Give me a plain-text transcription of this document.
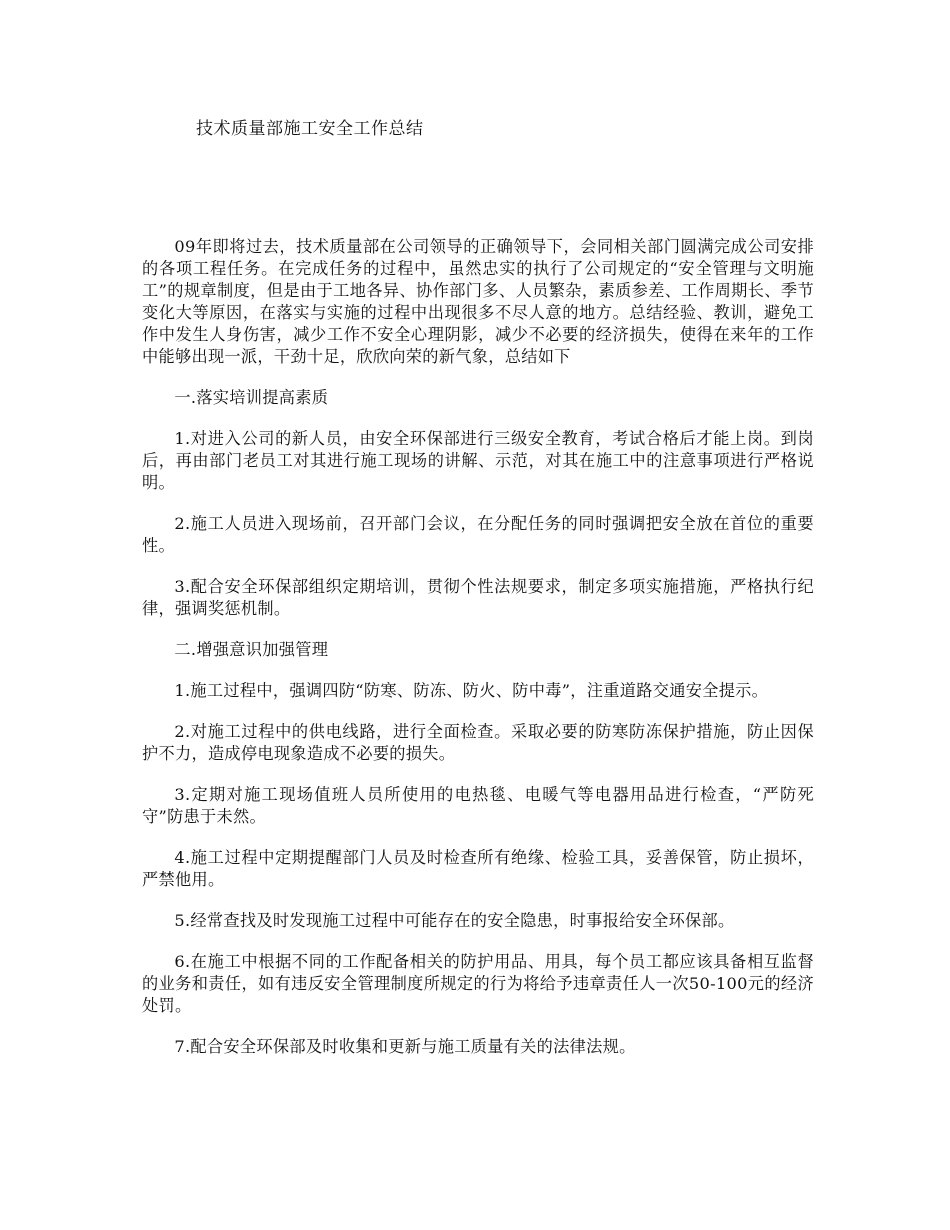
技术质量部施工安全工作总结

09年即将过去，技术质量部在公司领导的正确领导下，会同相关部门圆满完成公司安排的各项工程任务。在完成任务的过程中，虽然忠实的执行了公司规定的“安全管理与文明施工”的规章制度，但是由于工地各异、协作部门多、人员繁杂，素质参差、工作周期长、季节变化大等原因，在落实与实施的过程中出现很多不尽人意的地方。总结经验、教训，避免工作中发生人身伤害，减少工作不安全心理阴影，减少不必要的经济损失，使得在来年的工作中能够出现一派，干劲十足，欣欣向荣的新气象，总结如下

一.落实培训提高素质

1.对进入公司的新人员，由安全环保部进行三级安全教育，考试合格后才能上岗。到岗后，再由部门老员工对其进行施工现场的讲解、示范，对其在施工中的注意事项进行严格说明。

2.施工人员进入现场前，召开部门会议，在分配任务的同时强调把安全放在首位的重要性。

3.配合安全环保部组织定期培训，贯彻个性法规要求，制定多项实施措施，严格执行纪律，强调奖惩机制。

二.增强意识加强管理

1.施工过程中，强调四防“防寒、防冻、防火、防中毒”，注重道路交通安全提示。

2.对施工过程中的供电线路，进行全面检查。采取必要的防寒防冻保护措施，防止因保护不力，造成停电现象造成不必要的损失。

3.定期对施工现场值班人员所使用的电热毯、电暖气等电器用品进行检查，“严防死守”防患于未然。

4.施工过程中定期提醒部门人员及时检查所有绝缘、检验工具，妥善保管，防止损坏，严禁他用。

5.经常查找及时发现施工过程中可能存在的安全隐患，时事报给安全环保部。

6.在施工中根据不同的工作配备相关的防护用品、用具，每个员工都应该具备相互监督的业务和责任，如有违反安全管理制度所规定的行为将给予违章责任人一次50-100元的经济处罚。

7.配合安全环保部及时收集和更新与施工质量有关的法律法规。
